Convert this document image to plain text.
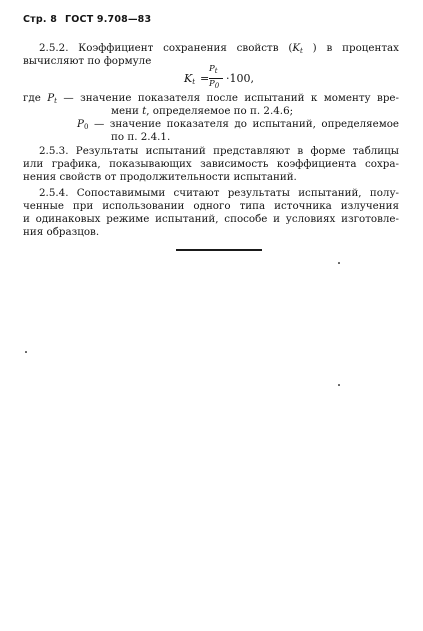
Стр. 8 ГОСТ 9.708—83
2.5.2. Коэффициент сохранения свойств ($K_t$ ) в процентах
вычисляют по формуле
$K_t$ =
$P_t$
$P_0$
·100,
где $P_t$ — значение показателя после испытаний к моменту вре-
мени t, определяемое по п. 2.4.6;
$P_0$ — значение показателя до испытаний, определяемое
по п. 2.4.1.
2.5.3. Результаты испытаний представляют в форме таблицы
или графика, показывающих зависимость коэффициента сохра-
нения свойств от продолжительности испытаний.
2.5.4. Сопоставимыми считают результаты испытаний, полу-
ченные при использовании одного типа источника излучения
и одинаковых режиме испытаний, способе и условиях изготовле-
ния образцов.
